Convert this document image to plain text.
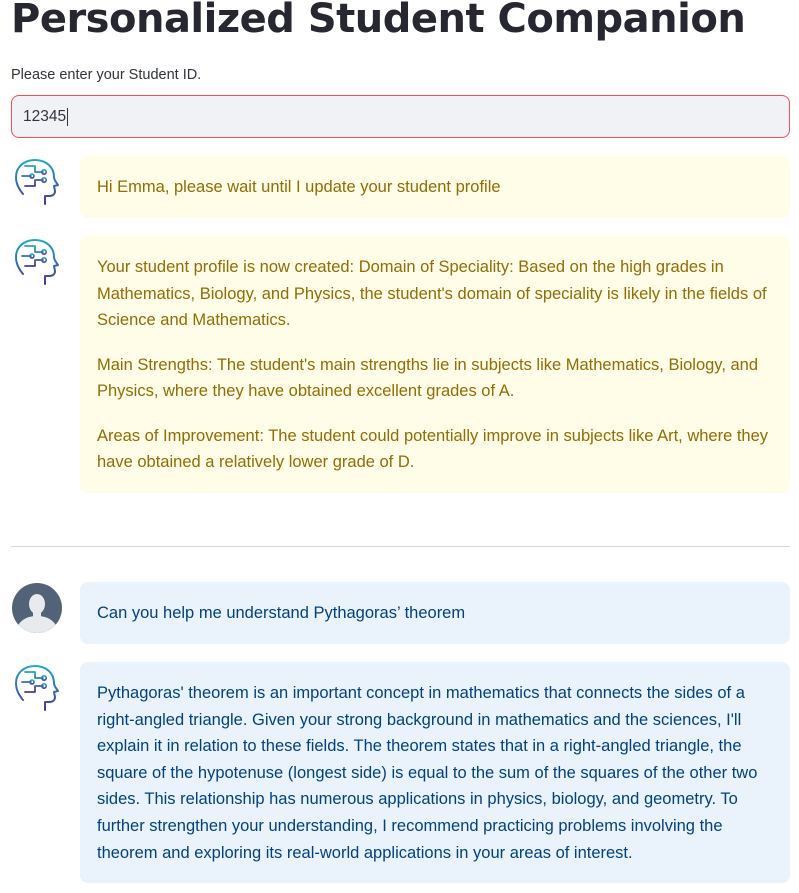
Personalized Student Companion
Please enter your Student ID.
12345

Hi Emma, please wait until I update your student profile

Your student profile is now created: Domain of Speciality: Based on the high grades in Mathematics, Biology, and Physics, the student's domain of speciality is likely in the fields of Science and Mathematics.

Main Strengths: The student's main strengths lie in subjects like Mathematics, Biology, and Physics, where they have obtained excellent grades of A.

Areas of Improvement: The student could potentially improve in subjects like Art, where they have obtained a relatively lower grade of D.

Can you help me understand Pythagoras’ theorem

Pythagoras' theorem is an important concept in mathematics that connects the sides of a right-angled triangle. Given your strong background in mathematics and the sciences, I'll explain it in relation to these fields. The theorem states that in a right-angled triangle, the square of the hypotenuse (longest side) is equal to the sum of the squares of the other two sides. This relationship has numerous applications in physics, biology, and geometry. To further strengthen your understanding, I recommend practicing problems involving the theorem and exploring its real-world applications in your areas of interest.
